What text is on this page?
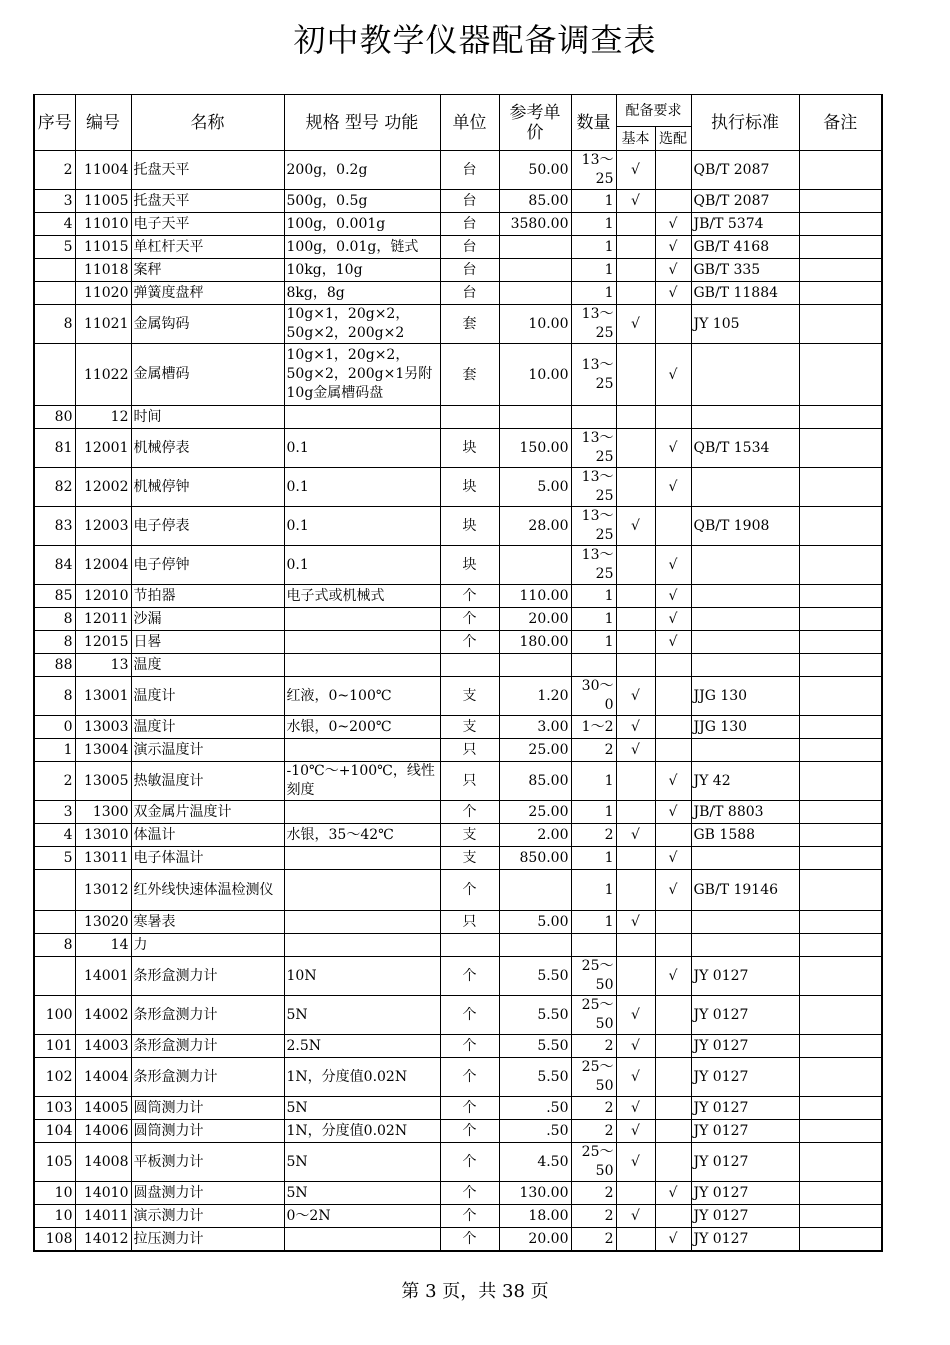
初中教学仪器配备调查表
序号	编号	名称	规格 型号 功能	单位	参考单价	数量	配备要求		执行标准	备注
							基本	选配		
2	11004	托盘天平	200g，0.2g	台	50.00	13～25	√		QB/T 2087	
3	11005	托盘天平	500g，0.5g	台	85.00	1	√		QB/T 2087	
4	11010	电子天平	100g，0.001g	台	3580.00	1		√	JB/T 5374	
5	11015	单杠杆天平	100g，0.01g，链式	台		1		√	GB/T 4168	
	11018	案秤	10kg，10g	台		1		√	GB/T 335	
	11020	弹簧度盘秤	8kg，8g	台		1		√	GB/T 11884	
8	11021	金属钩码	10g×1，20g×2，50g×2，200g×2	套	10.00	13～25	√		JY 105	
	11022	金属槽码	10g×1，20g×2，50g×2，200g×1另附10g金属槽码盘	套	10.00	13～25		√		
80	12	时间								
81	12001	机械停表	0.1	块	150.00	13～25		√	QB/T 1534	
82	12002	机械停钟	0.1	块	5.00	13～25		√		
83	12003	电子停表	0.1	块	28.00	13～25	√		QB/T 1908	
84	12004	电子停钟	0.1	块		13～25		√		
85	12010	节拍器	电子式或机械式	个	110.00	1		√		
8	12011	沙漏		个	20.00	1		√		
8	12015	日晷		个	180.00	1		√		
88	13	温度								
8	13001	温度计	红液，0~100℃	支	1.20	30～0	√		JJG 130	
0	13003	温度计	水银，0~200℃	支	3.00	1～2	√		JJG 130	
1	13004	演示温度计		只	25.00	2	√			
2	13005	热敏温度计	-10℃～+100℃，线性刻度	只	85.00	1		√	JY 42	
3	1300	双金属片温度计		个	25.00	1		√	JB/T 8803	
4	13010	体温计	水银，35～42℃	支	2.00	2	√		GB 1588	
5	13011	电子体温计		支	850.00	1		√		
	13012	红外线快速体温检测仪		个		1		√	GB/T 19146	
	13020	寒暑表		只	5.00	1	√			
8	14	力								
	14001	条形盒测力计	10N	个	5.50	25～50		√	JY 0127	
100	14002	条形盒测力计	5N	个	5.50	25～50	√		JY 0127	
101	14003	条形盒测力计	2.5N	个	5.50	2	√		JY 0127	
102	14004	条形盒测力计	1N，分度值0.02N	个	5.50	25～50	√		JY 0127	
103	14005	圆筒测力计	5N	个	.50	2	√		JY 0127	
104	14006	圆筒测力计	1N，分度值0.02N	个	.50	2	√		JY 0127	
105	14008	平板测力计	5N	个	4.50	25～50	√		JY 0127	
10	14010	圆盘测力计	5N	个	130.00	2		√	JY 0127	
10	14011	演示测力计	0～2N	个	18.00	2	√		JY 0127	
108	14012	拉压测力计		个	20.00	2		√	JY 0127	
第 3 页，共 38 页
